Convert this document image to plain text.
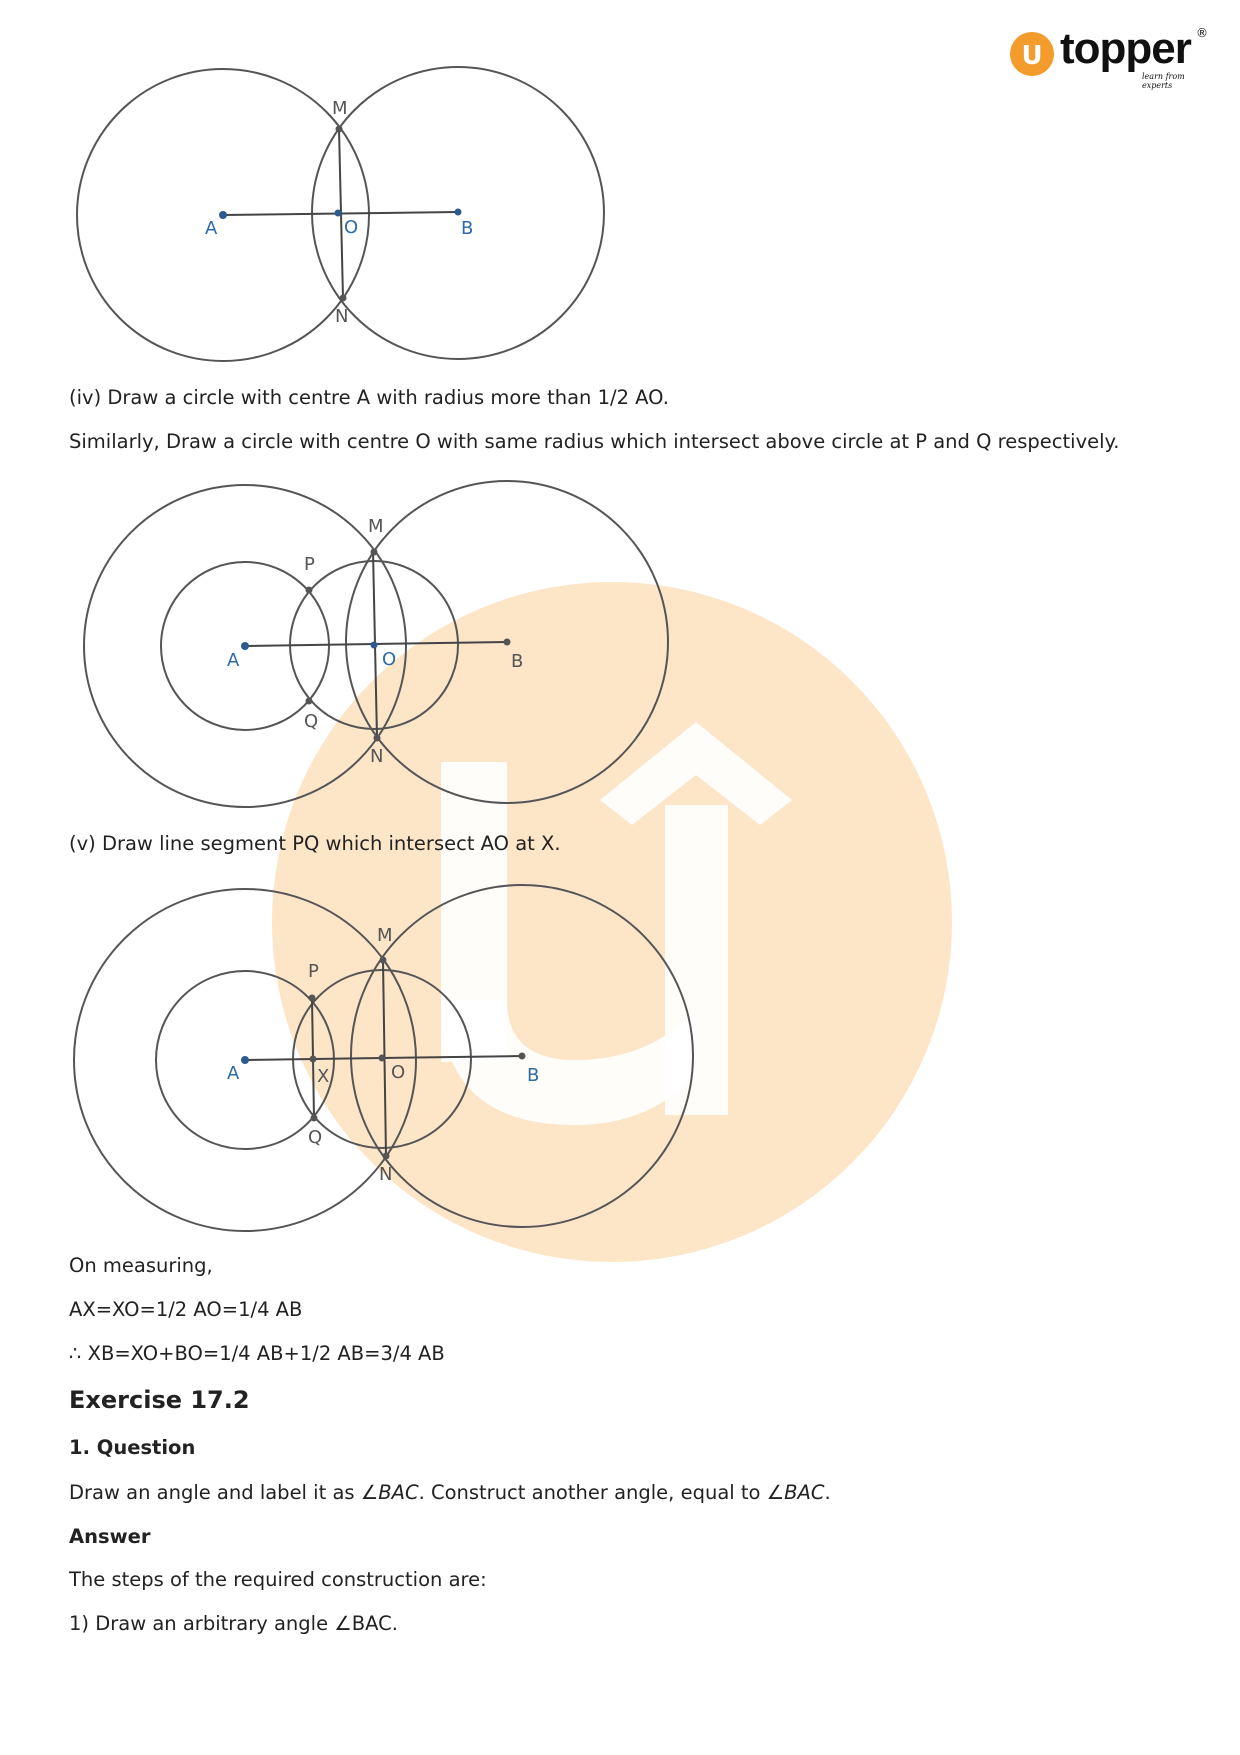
U topper ®
learn from experts
A	B
O
M
N
(iv) Draw a circle with centre A with radius more than 1/2 AO.
Similarly, Draw a circle with centre O with same radius which intersect above circle at P and Q respectively.
A	B
O
M
N
P
Q
(v) Draw line segment PQ which intersect AO at X.
A	B
O
X
M
N
P
Q
On measuring,
AX=XO=1/2 AO=1/4 AB
∴ XB=XO+BO=1/4 AB+1/2 AB=3/4 AB
Exercise 17.2
1. Question
Draw an angle and label it as ∠BAC. Construct another angle, equal to ∠BAC.
Answer
The steps of the required construction are:
1) Draw an arbitrary angle ∠BAC.
